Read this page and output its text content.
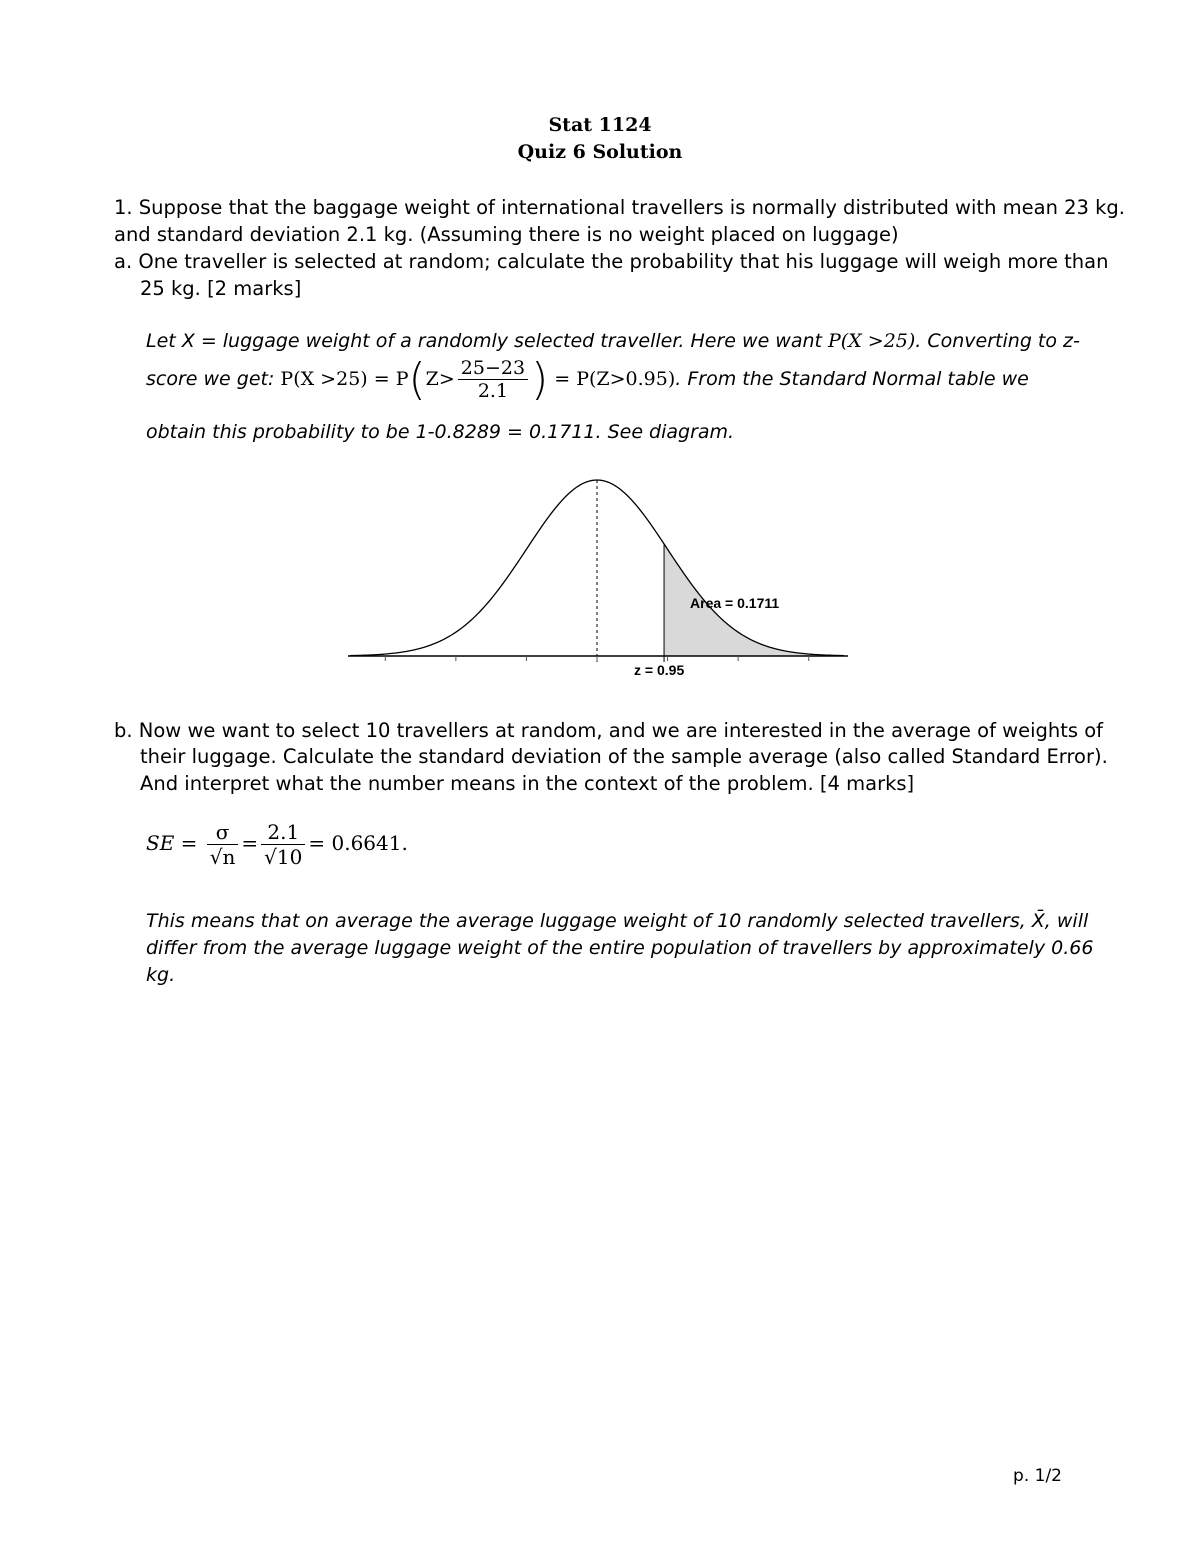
Stat 1124
Quiz 6 Solution
1. Suppose that the baggage weight of international travellers is normally distributed with mean 23 kg.
and standard deviation 2.1 kg. (Assuming there is no weight placed on luggage)
a. One traveller is selected at random; calculate the probability that his luggage will weigh more than
25 kg. [2 marks]
Let X = luggage weight of a randomly selected traveller. Here we want P(X >25). Converting to z-
score we get: $P(X >25) = P(Z> \frac{25-23}{2.1}$ ) = P(Z>0.95). From the Standard Normal table we
obtain this probability to be 1-0.8289 = 0.1711. See diagram.
Area = 0.1711
z = 0.95
b. Now we want to select 10 travellers at random, and we are interested in the average of weights of
their luggage. Calculate the standard deviation of the sample average (also called Standard Error).
And interpret what the number means in the context of the problem. [4 marks]
SE = $\frac{\sigma}{√n} = \frac{2.1}{√10} = 0.6641$.
This means that on average the average luggage weight of 10 randomly selected travellers, X̄, will
differ from the average luggage weight of the entire population of travellers by approximately 0.66
kg.
p. 1/2
